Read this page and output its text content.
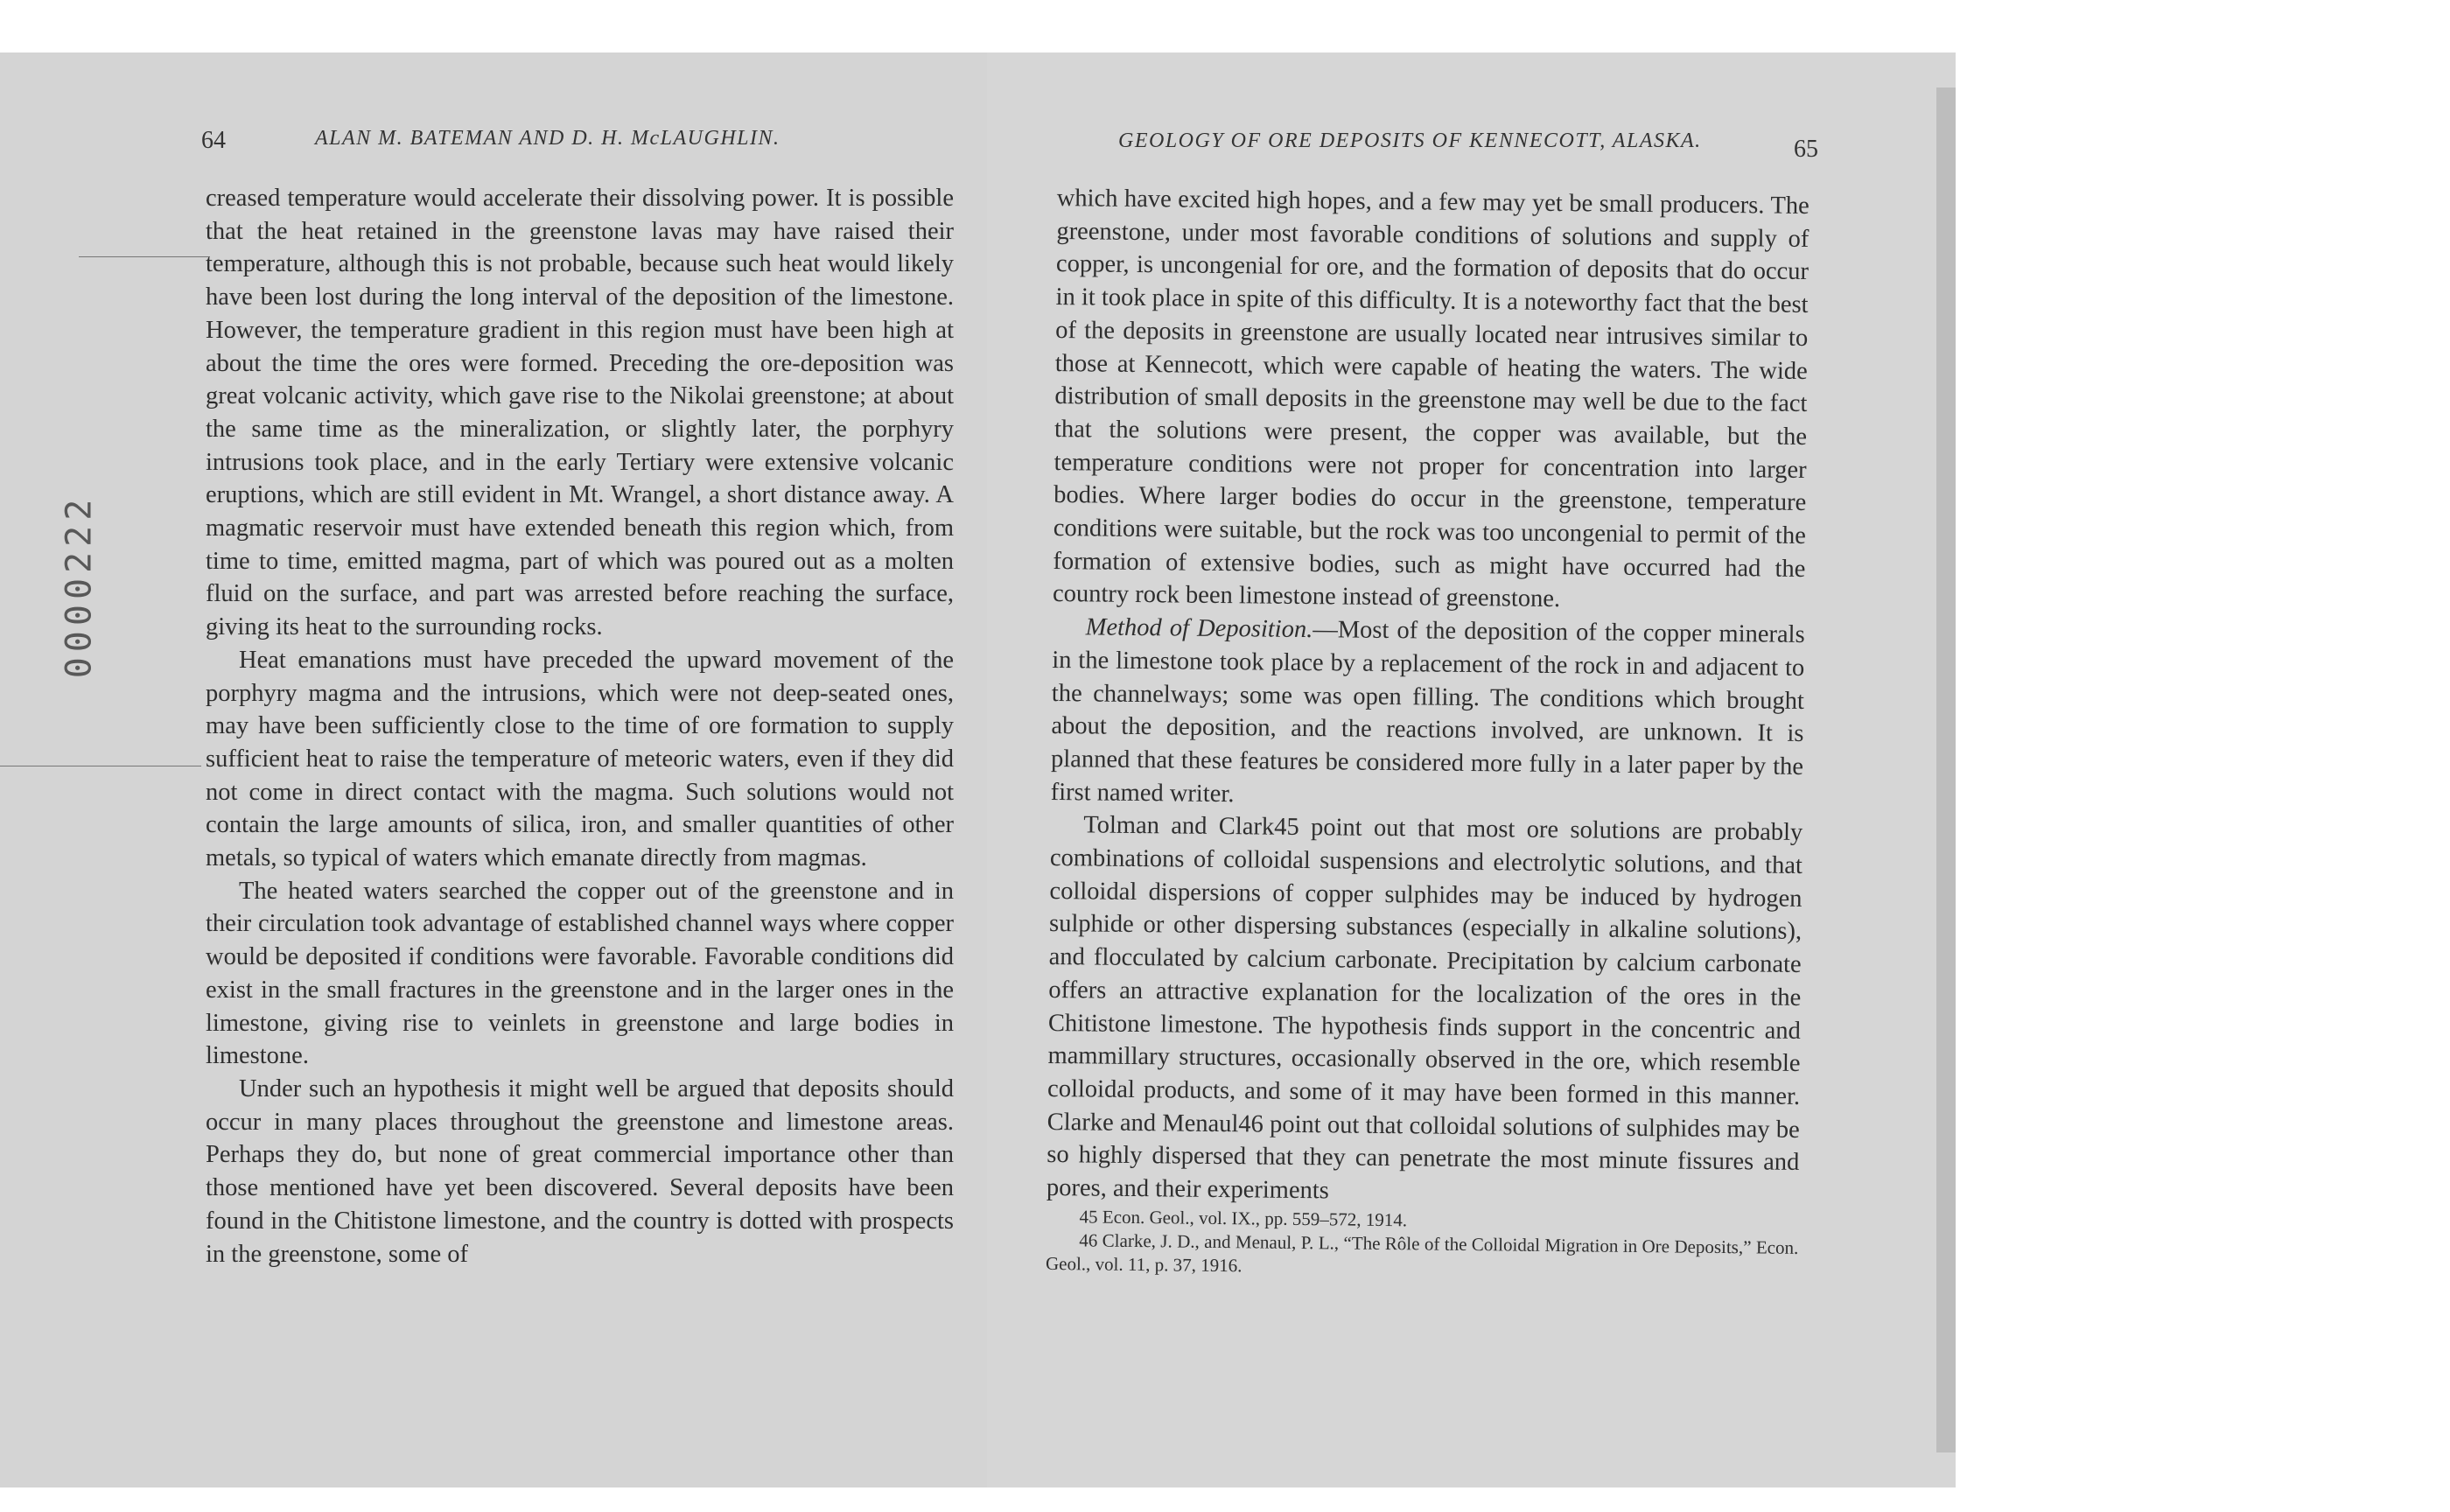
0000222
64	ALAN M. BATEMAN AND D. H. McLAUGHLIN.

creased temperature would accelerate their dissolving power. It is possible that the heat retained in the greenstone lavas may have raised their temperature, although this is not probable, because such heat would likely have been lost during the long interval of the deposition of the limestone. However, the temperature gradient in this region must have been high at about the time the ores were formed. Preceding the ore-deposition was great volcanic activity, which gave rise to the Nikolai greenstone; at about the same time as the mineralization, or slightly later, the porphyry intrusions took place, and in the early Tertiary were extensive volcanic eruptions, which are still evident in Mt. Wrangel, a short distance away. A magmatic reservoir must have extended beneath this region which, from time to time, emitted magma, part of which was poured out as a molten fluid on the surface, and part was arrested before reaching the surface, giving its heat to the surrounding rocks.

Heat emanations must have preceded the upward movement of the porphyry magma and the intrusions, which were not deep-seated ones, may have been sufficiently close to the time of ore formation to supply sufficient heat to raise the temperature of meteoric waters, even if they did not come in direct contact with the magma. Such solutions would not contain the large amounts of silica, iron, and smaller quantities of other metals, so typical of waters which emanate directly from magmas.

The heated waters searched the copper out of the greenstone and in their circulation took advantage of established channel ways where copper would be deposited if conditions were favorable. Favorable conditions did exist in the small fractures in the greenstone and in the larger ones in the limestone, giving rise to veinlets in greenstone and large bodies in limestone.

Under such an hypothesis it might well be argued that deposits should occur in many places throughout the greenstone and limestone areas. Perhaps they do, but none of great commercial importance other than those mentioned have yet been discovered. Several deposits have been found in the Chitistone limestone, and the country is dotted with prospects in the greenstone, some of

GEOLOGY OF ORE DEPOSITS OF KENNECOTT, ALASKA.	65

which have excited high hopes, and a few may yet be small producers. The greenstone, under most favorable conditions of solutions and supply of copper, is uncongenial for ore, and the formation of deposits that do occur in it took place in spite of this difficulty. It is a noteworthy fact that the best of the deposits in greenstone are usually located near intrusives similar to those at Kennecott, which were capable of heating the waters. The wide distribution of small deposits in the greenstone may well be due to the fact that the solutions were present, the copper was available, but the temperature conditions were not proper for concentration into larger bodies. Where larger bodies do occur in the greenstone, temperature conditions were suitable, but the rock was too uncongenial to permit of the formation of extensive bodies, such as might have occurred had the country rock been limestone instead of greenstone.

Method of Deposition.—Most of the deposition of the copper minerals in the limestone took place by a replacement of the rock in and adjacent to the channelways; some was open filling. The conditions which brought about the deposition, and the reactions involved, are unknown. It is planned that these features be considered more fully in a later paper by the first named writer.

Tolman and Clark45 point out that most ore solutions are probably combinations of colloidal suspensions and electrolytic solutions, and that colloidal dispersions of copper sulphides may be induced by hydrogen sulphide or other dispersing substances (especially in alkaline solutions), and flocculated by calcium carbonate. Precipitation by calcium carbonate offers an attractive explanation for the localization of the ores in the Chitistone limestone. The hypothesis finds support in the concentric and mammillary structures, occasionally observed in the ore, which resemble colloidal products, and some of it may have been formed in this manner. Clarke and Menaul46 point out that colloidal solutions of sulphides may be so highly dispersed that they can penetrate the most minute fissures and pores, and their experiments

45 Econ. Geol., vol. IX., pp. 559–572, 1914.

46 Clarke, J. D., and Menaul, P. L., “The Rôle of the Colloidal Migration in Ore Deposits,” Econ. Geol., vol. 11, p. 37, 1916.
